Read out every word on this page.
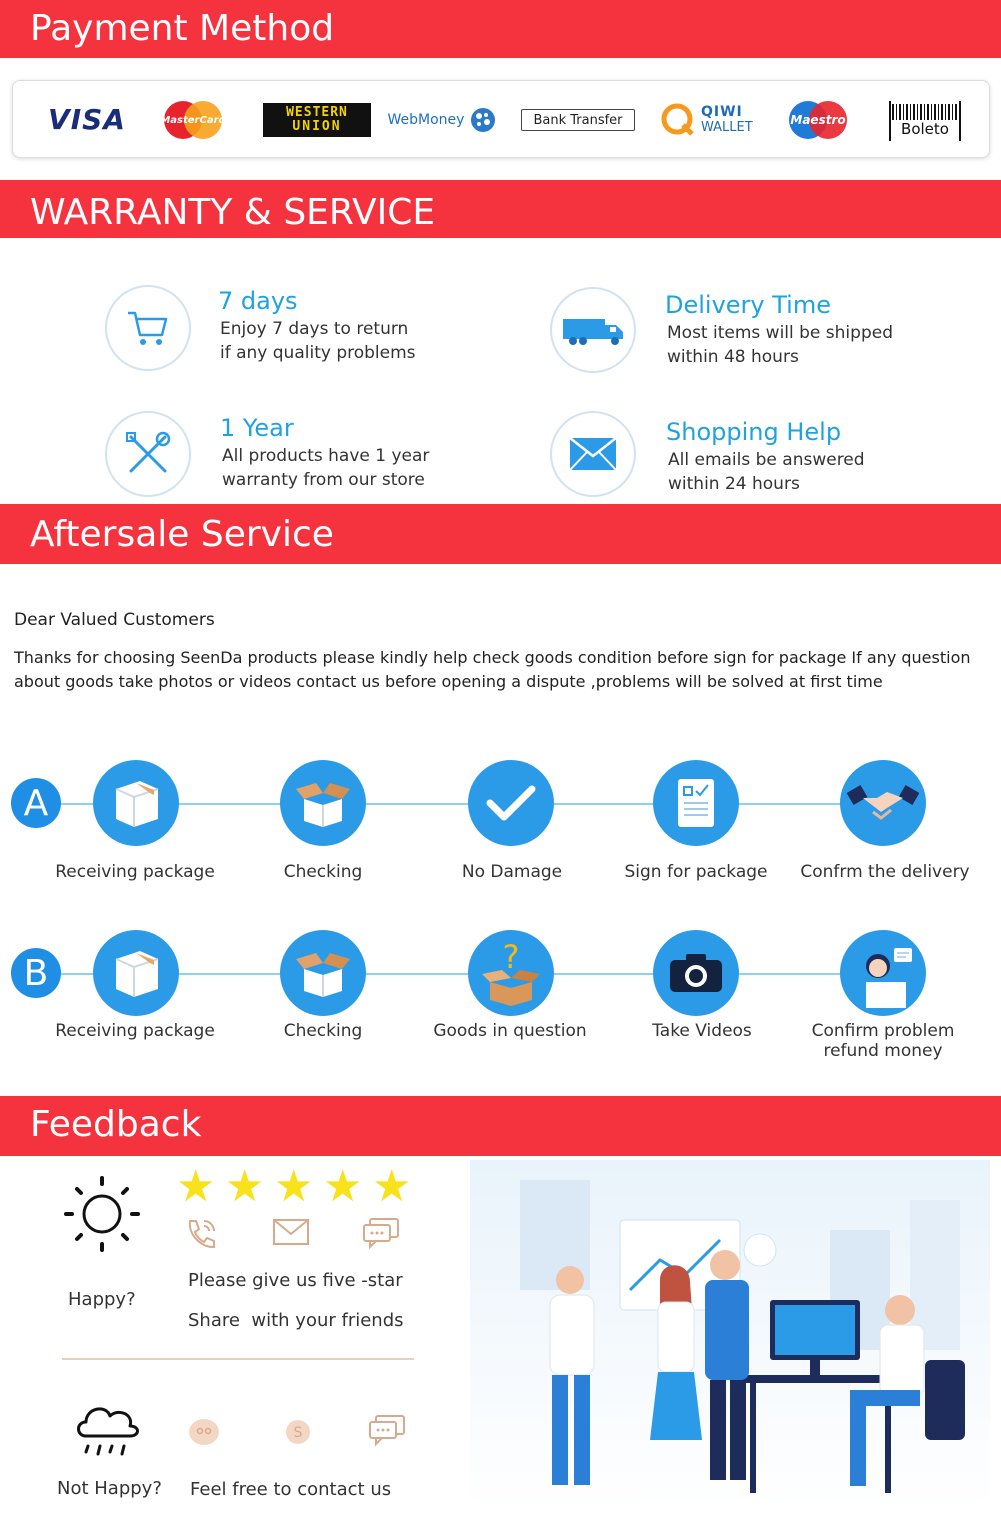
Payment Method
VISA	MasterCard	WESTERN
UNION	WebMoney	Bank Transfer	QIWI
WALLET	Maestro	Boleto
WARRANTY & SERVICE
7 days
Enjoy 7 days to return
if any quality problems
Delivery Time
Most items will be shipped
within 48 hours
1 Year
All products have 1 year
warranty from our store
Shopping Help
All emails be answered
within 24 hours
Aftersale Service
Dear Valued Customers
Thanks for choosing SeenDa products please kindly help check goods condition before sign for package If any question about goods take photos or videos contact us before opening a dispute ,problems will be solved at first time
A
Receiving package	Checking	No Damage	Sign for package	Confrm the delivery
B	?
Receiving package	Checking	Goods in question	Take Videos	Confirm problem
refund money
Feedback
Happy?
★ ★ ★ ★ ★
Please give us five -star
Share  with your friends
Not Happy?
S
Feel free to contact us
